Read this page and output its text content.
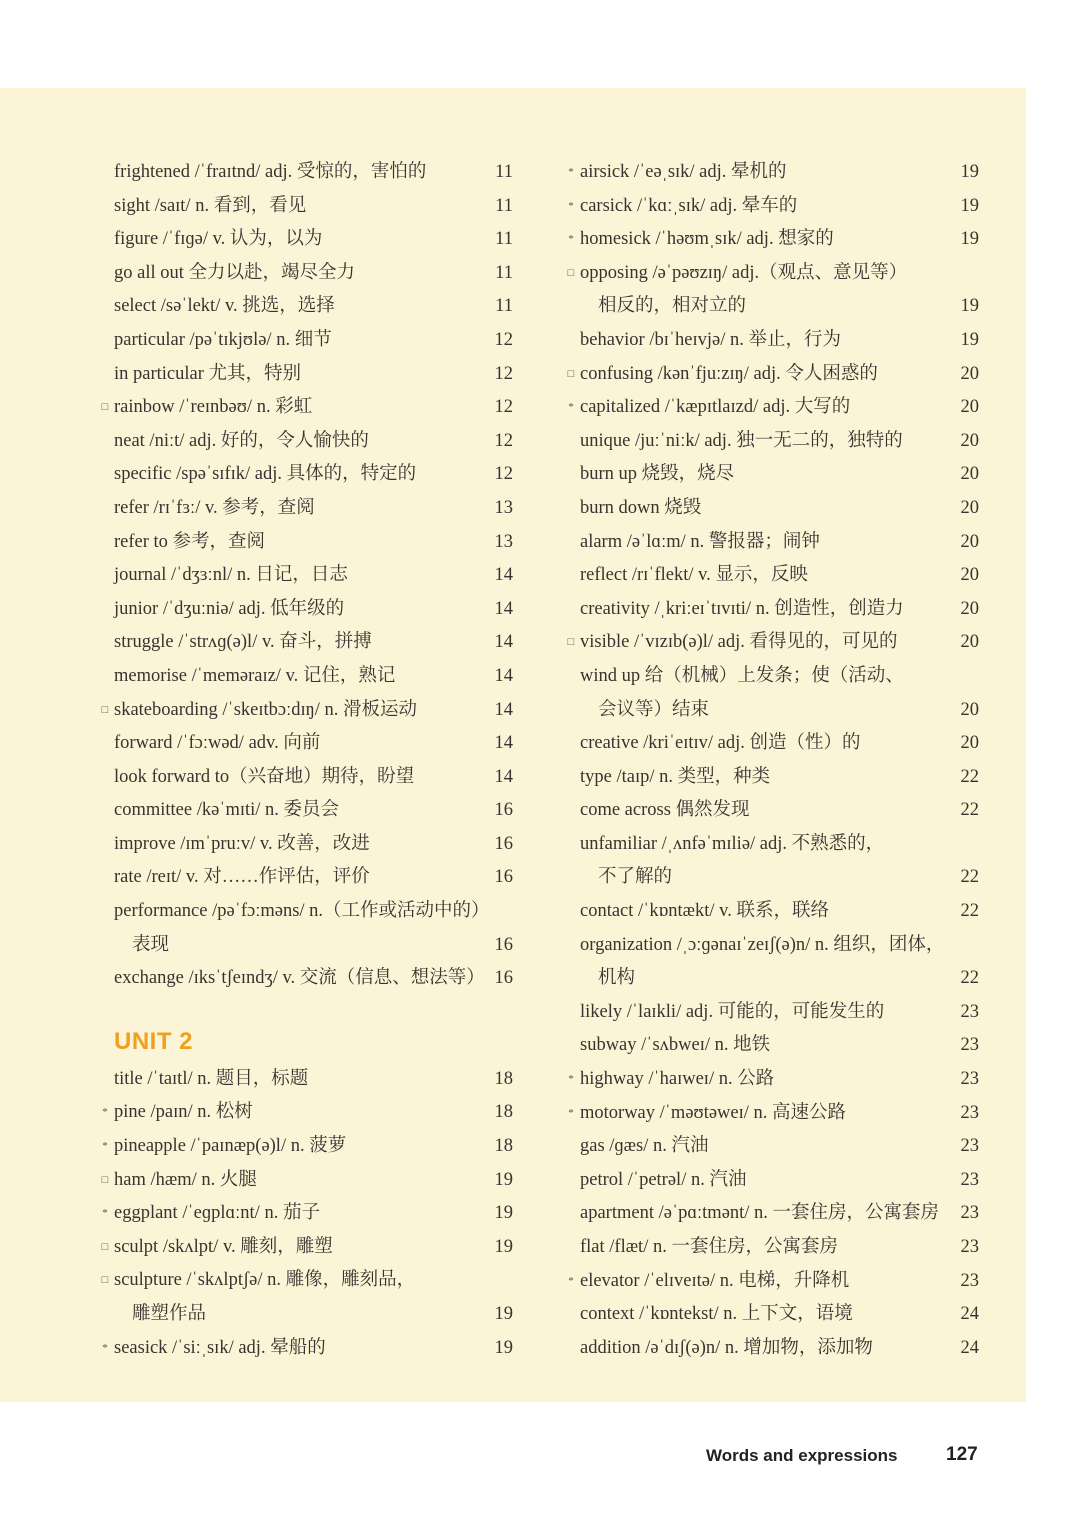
frightened /ˈfraɪtnd/ adj. 受惊的，害怕的	11
sight /saɪt/ n. 看到，看见	11
figure /ˈfɪɡə/ v. 认为，以为	11
go all out 全力以赴，竭尽全力	11
select /səˈlekt/ v. 挑选，选择	11
particular /pəˈtɪkjʊlə/ n. 细节	12
in particular 尤其，特别	12
□ rainbow /ˈreɪnbəʊ/ n. 彩虹	12
neat /niːt/ adj. 好的，令人愉快的	12
specific /spəˈsɪfɪk/ adj. 具体的，特定的	12
refer /rɪˈfɜː/ v. 参考，查阅	13
refer to 参考，查阅	13
journal /ˈdʒɜːnl/ n. 日记，日志	14
junior /ˈdʒuːniə/ adj. 低年级的	14
struggle /ˈstrʌɡ(ə)l/ v. 奋斗，拼搏	14
memorise /ˈmeməraɪz/ v. 记住，熟记	14
□ skateboarding /ˈskeɪtbɔːdɪŋ/ n. 滑板运动	14
forward /ˈfɔːwəd/ adv. 向前	14
look forward to（兴奋地）期待，盼望	14
committee /kəˈmɪti/ n. 委员会	16
improve /ɪmˈpruːv/ v. 改善，改进	16
rate /reɪt/ v. 对……作评估，评价	16
performance /pəˈfɔːməns/ n.（工作或活动中的）
表现	16
exchange /ɪksˈtʃeɪndʒ/ v. 交流（信息、想法等） 16
UNIT 2
title /ˈtaɪtl/ n. 题目，标题	18
* pine /paɪn/ n. 松树	18
* pineapple /ˈpaɪnæp(ə)l/ n. 菠萝	18
□ ham /hæm/ n. 火腿	19
* eggplant /ˈeɡplɑːnt/ n. 茄子	19
□ sculpt /skʌlpt/ v. 雕刻，雕塑	19
□ sculpture /ˈskʌlptʃə/ n. 雕像，雕刻品，
雕塑作品	19
* seasick /ˈsiːˌsɪk/ adj. 晕船的	19
* airsick /ˈeəˌsɪk/ adj. 晕机的	19
* carsick /ˈkɑːˌsɪk/ adj. 晕车的	19
* homesick /ˈhəʊmˌsɪk/ adj. 想家的	19
□ opposing /əˈpəʊzɪŋ/ adj.（观点、意见等）
相反的，相对立的	19
behavior /bɪˈheɪvjə/ n. 举止，行为	19
□ confusing /kənˈfjuːzɪŋ/ adj. 令人困惑的	20
* capitalized /ˈkæpɪtlaɪzd/ adj. 大写的	20
unique /juːˈniːk/ adj. 独一无二的，独特的	20
burn up 烧毁，烧尽	20
burn down 烧毁	20
alarm /əˈlɑːm/ n. 警报器；闹钟	20
reflect /rɪˈflekt/ v. 显示，反映	20
creativity /ˌkriːeɪˈtɪvɪti/ n. 创造性，创造力	20
□ visible /ˈvɪzɪb(ə)l/ adj. 看得见的，可见的	20
wind up 给（机械）上发条；使（活动、
会议等）结束	20
creative /kriˈeɪtɪv/ adj. 创造（性）的	20
type /taɪp/ n. 类型，种类	22
come across 偶然发现	22
unfamiliar /ˌʌnfəˈmɪliə/ adj. 不熟悉的，
不了解的	22
contact /ˈkɒntækt/ v. 联系，联络	22
organization /ˌɔːɡənaɪˈzeɪʃ(ə)n/ n. 组织，团体，
机构	22
likely /ˈlaɪkli/ adj. 可能的，可能发生的	23
subway /ˈsʌbweɪ/ n. 地铁	23
* highway /ˈhaɪweɪ/ n. 公路	23
* motorway /ˈməʊtəweɪ/ n. 高速公路	23
gas /ɡæs/ n. 汽油	23
petrol /ˈpetrəl/ n. 汽油	23
apartment /əˈpɑːtmənt/ n. 一套住房，公寓套房	23
flat /flæt/ n. 一套住房，公寓套房	23
* elevator /ˈelɪveɪtə/ n. 电梯，升降机	23
context /ˈkɒntekst/ n. 上下文，语境	24
addition /əˈdɪʃ(ə)n/ n. 增加物，添加物	24
Words and expressions	127
